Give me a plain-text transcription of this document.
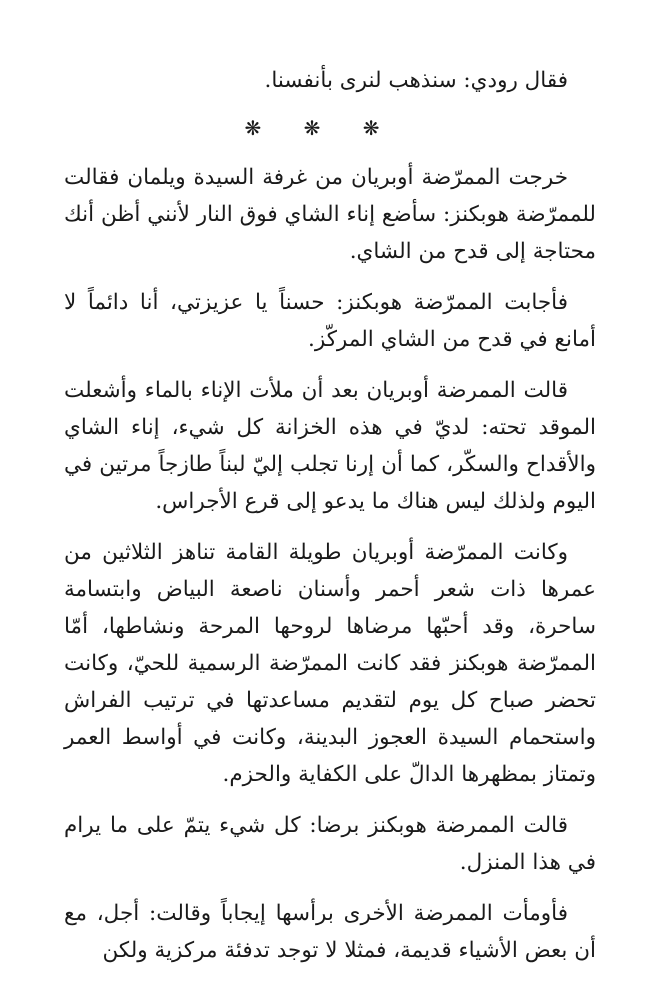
فقال رودي: سنذهب لنرى بأنفسنا.

❋ ❋ ❋

خرجت الممرّضة أوبريان من غرفة السيدة ويلمان فقالت للممرّضة هوبكنز: سأضع إناء الشاي فوق النار لأنني أظن أنك محتاجة إلى قدح من الشاي.

فأجابت الممرّضة هوبكنز: حسناً يا عزيزتي، أنا دائماً لا أمانع في قدح من الشاي المركّز.

قالت الممرضة أوبريان بعد أن ملأت الإناء بالماء وأشعلت الموقد تحته: لديّ في هذه الخزانة كل شيء، إناء الشاي والأقداح والسكّر، كما أن إرنا تجلب إليّ لبناً طازجاً مرتين في اليوم ولذلك ليس هناك ما يدعو إلى قرع الأجراس.

وكانت الممرّضة أوبريان طويلة القامة تناهز الثلاثين من عمرها ذات شعر أحمر وأسنان ناصعة البياض وابتسامة ساحرة، وقد أحبّها مرضاها لروحها المرحة ونشاطها، أمّا الممرّضة هوبكنز فقد كانت الممرّضة الرسمية للحيّ، وكانت تحضر صباح كل يوم لتقديم مساعدتها في ترتيب الفراش واستحمام السيدة العجوز البدينة، وكانت في أواسط العمر وتمتاز بمظهرها الدالّ على الكفاية والحزم.

قالت الممرضة هوبكنز برضا: كل شيء يتمّ على ما يرام في هذا المنزل.

فأومأت الممرضة الأخرى برأسها إيجاباً وقالت: أجل، مع أن بعض الأشياء قديمة، فمثلا لا توجد تدفئة مركزية ولكن
